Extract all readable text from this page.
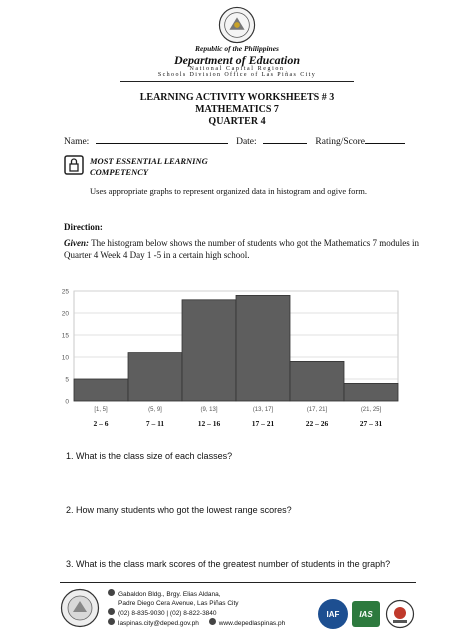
Republic of the Philippines
Department of Education
National Capital Region
Schools Division Office of Las Piñas City
LEARNING ACTIVITY WORKSHEETS # 3
MATHEMATICS 7
QUARTER 4
Name:	Date:	Rating/Score
MOST ESSENTIAL LEARNING
COMPETENCY
Uses appropriate graphs to represent organized data in histogram and ogive form.
Direction:
Given: The histogram below shows the number of students who got the Mathematics 7 modules in Quarter 4 Week 4 Day 1 -5 in a certain high school.
0
5
10
15
20
25
[1, 5]	(5, 9]	(9, 13]	(13, 17]	(17, 21]	(21, 25]
2 – 6	7 – 11	12 – 16	17 – 21	22 – 26	27 – 31
1. What is the class size of each classes?
2. How many students who got the lowest range scores?
3. What is the class mark scores of the greatest number of students in the graph?
Gabaldon Bldg., Brgy. Elias Aldana,
Padre Diego Cera Avenue, Las Piñas City
(02) 8-835-9030 | (02) 8-822-3840
laspinas.city@deped.gov.ph	www.depedlaspinas.ph
IAF	IAS
